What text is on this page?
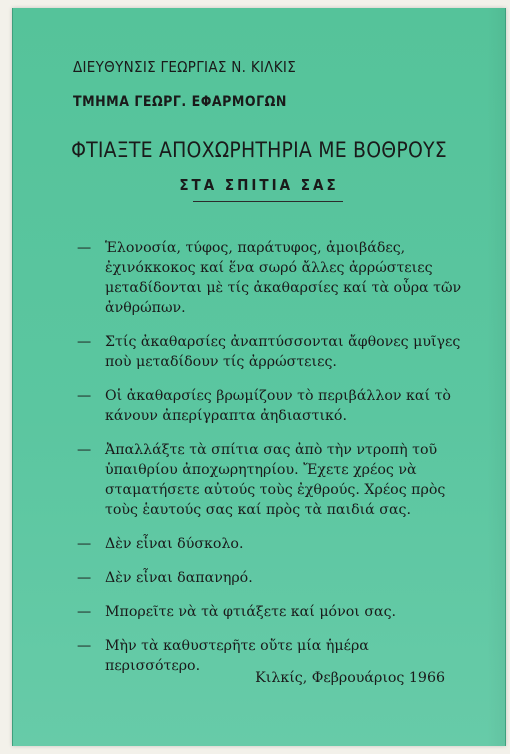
ΔΙΕΥΘΥΝΣΙΣ ΓΕΩΡΓΙΑΣ Ν. ΚΙΛΚΙΣ
ΤΜΗΜΑ ΓΕΩΡΓ. ΕΦΑΡΜΟΓΩΝ
ΦΤΙΑΞΤΕ ΑΠΟΧΩΡΗΤΗΡΙΑ ΜΕ ΒΟΘΡΟΥΣ
ΣΤΑ ΣΠΙΤΙΑ ΣΑΣ
— Ἑλονοσία, τύφος, παράτυφος, ἀμοιβάδες, ἐχινόκκοκος καί ἕνα σωρό ἄλλες ἀρρώστειες μεταδίδονται μὲ τίς ἀκαθαρσίες καί τὰ οὖρα τῶν ἀνθρώπων.
— Στίς ἀκαθαρσίες ἀναπτύσσονται ἄφθονες μυῖγες ποὺ μεταδίδουν τίς ἀρρώστειες.
— Οἱ ἀκαθαρσίες βρωμίζουν τὸ περιβάλλον καί τὸ κάνουν ἀπερίγραπτα ἀηδιαστικό.
— Ἀπαλλάξτε τὰ σπίτια σας ἀπὸ τὴν ντροπὴ τοῦ ὑπαιθρίου ἀποχωρητηρίου. Ἔχετε χρέος νὰ σταματήσετε αὐτούς τοὺς ἐχθρούς. Χρέος πρὸς τοὺς ἑαυτούς σας καί πρὸς τὰ παιδιά σας.
— Δὲν εἶναι δύσκολο.
— Δὲν εἶναι δαπανηρό.
— Μπορεῖτε νὰ τὰ φτιάξετε καί μόνοι σας.
— Μὴν τὰ καθυστερῆτε οὔτε μία ἡμέρα περισσότερο.
Κιλκίς, Φεβρουάριος 1966
